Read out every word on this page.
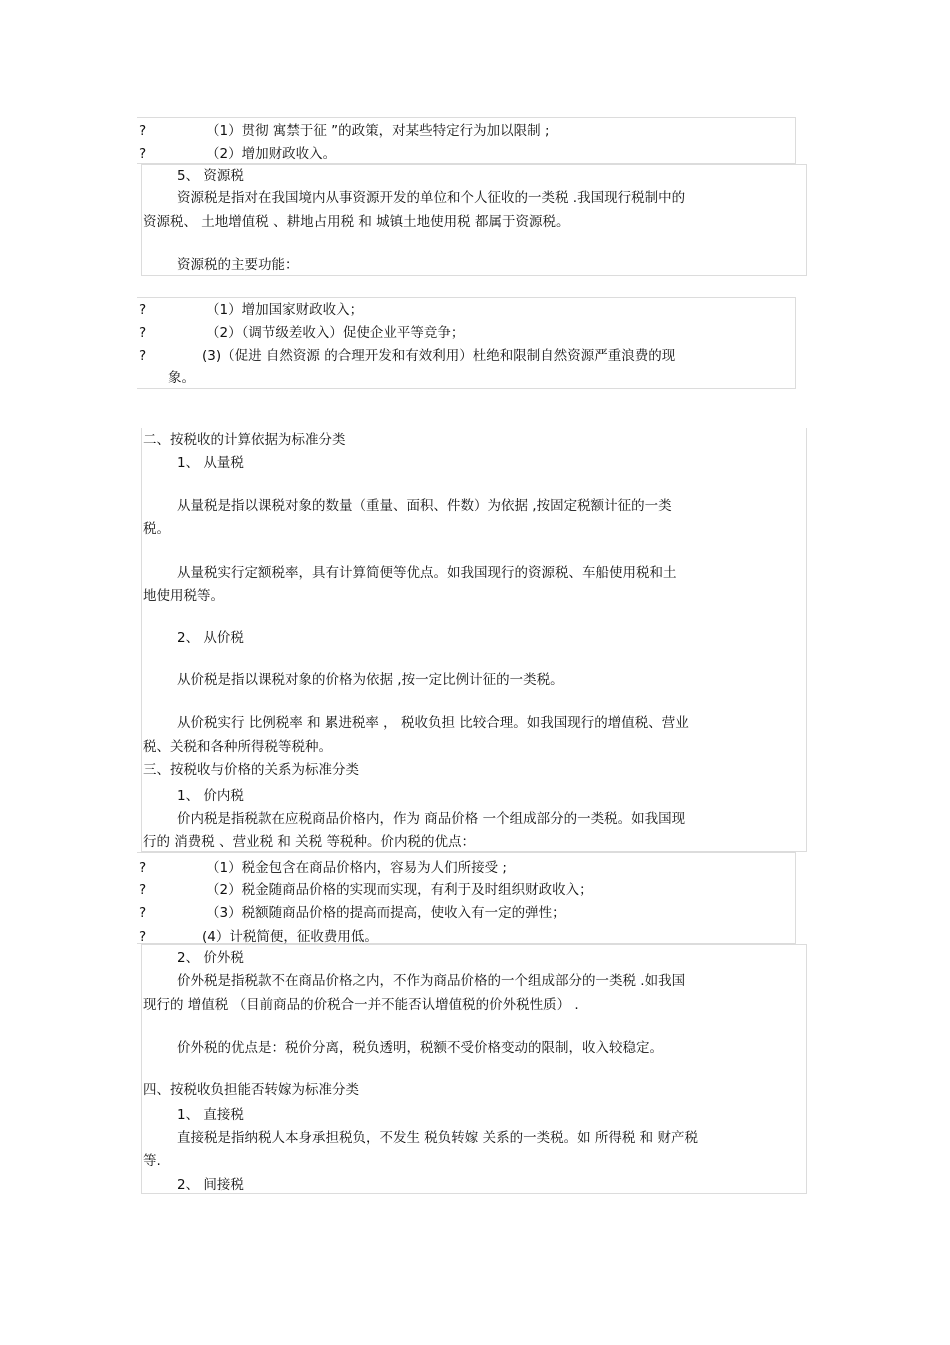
?	（1）贯彻 寓禁于征 ”的政策，对某些特定行为加以限制 ;
?	（2）增加财政收入。
5、 资源税
资源税是指对在我国境内从事资源开发的单位和个人征收的一类税 .我国现行税制中的
资源税、 土地增值税 、耕地占用税 和 城镇土地使用税 都属于资源税。
资源税的主要功能：
?	（1）增加国家财政收入；
?	（2）（调节级差收入）促使企业平等竞争；
?	(3)（促进 自然资源 的合理开发和有效利用）杜绝和限制自然资源严重浪费的现
象。
二、按税收的计算依据为标准分类
1、 从量税
从量税是指以课税对象的数量（重量、面积、件数）为依据 ,按固定税额计征的一类
税。
从量税实行定额税率，具有计算简便等优点。如我国现行的资源税、车船使用税和土
地使用税等。
2、 从价税
从价税是指以课税对象的价格为依据 ,按一定比例计征的一类税。
从价税实行 比例税率 和 累进税率 ， 税收负担 比较合理。如我国现行的增值税、营业
税、关税和各种所得税等税种。
三、按税收与价格的关系为标准分类
1、 价内税
价内税是指税款在应税商品价格内，作为 商品价格 一个组成部分的一类税。如我国现
行的 消费税 、营业税 和 关税 等税种。价内税的优点：
?	（1）税金包含在商品价格内，容易为人们所接受 ;
?	（2）税金随商品价格的实现而实现，有利于及时组织财政收入；
?	（3）税额随商品价格的提高而提高，使收入有一定的弹性；
?	(4）计税简便，征收费用低。
2、 价外税
价外税是指税款不在商品价格之内，不作为商品价格的一个组成部分的一类税 .如我国
现行的 增值税 （目前商品的价税合一并不能否认增值税的价外税性质） .
价外税的优点是：税价分离，税负透明，税额不受价格变动的限制，收入较稳定。
四、按税收负担能否转嫁为标准分类
1、 直接税
直接税是指纳税人本身承担税负，不发生 税负转嫁 关系的一类税。如 所得税 和 财产税
等.
2、 间接税
